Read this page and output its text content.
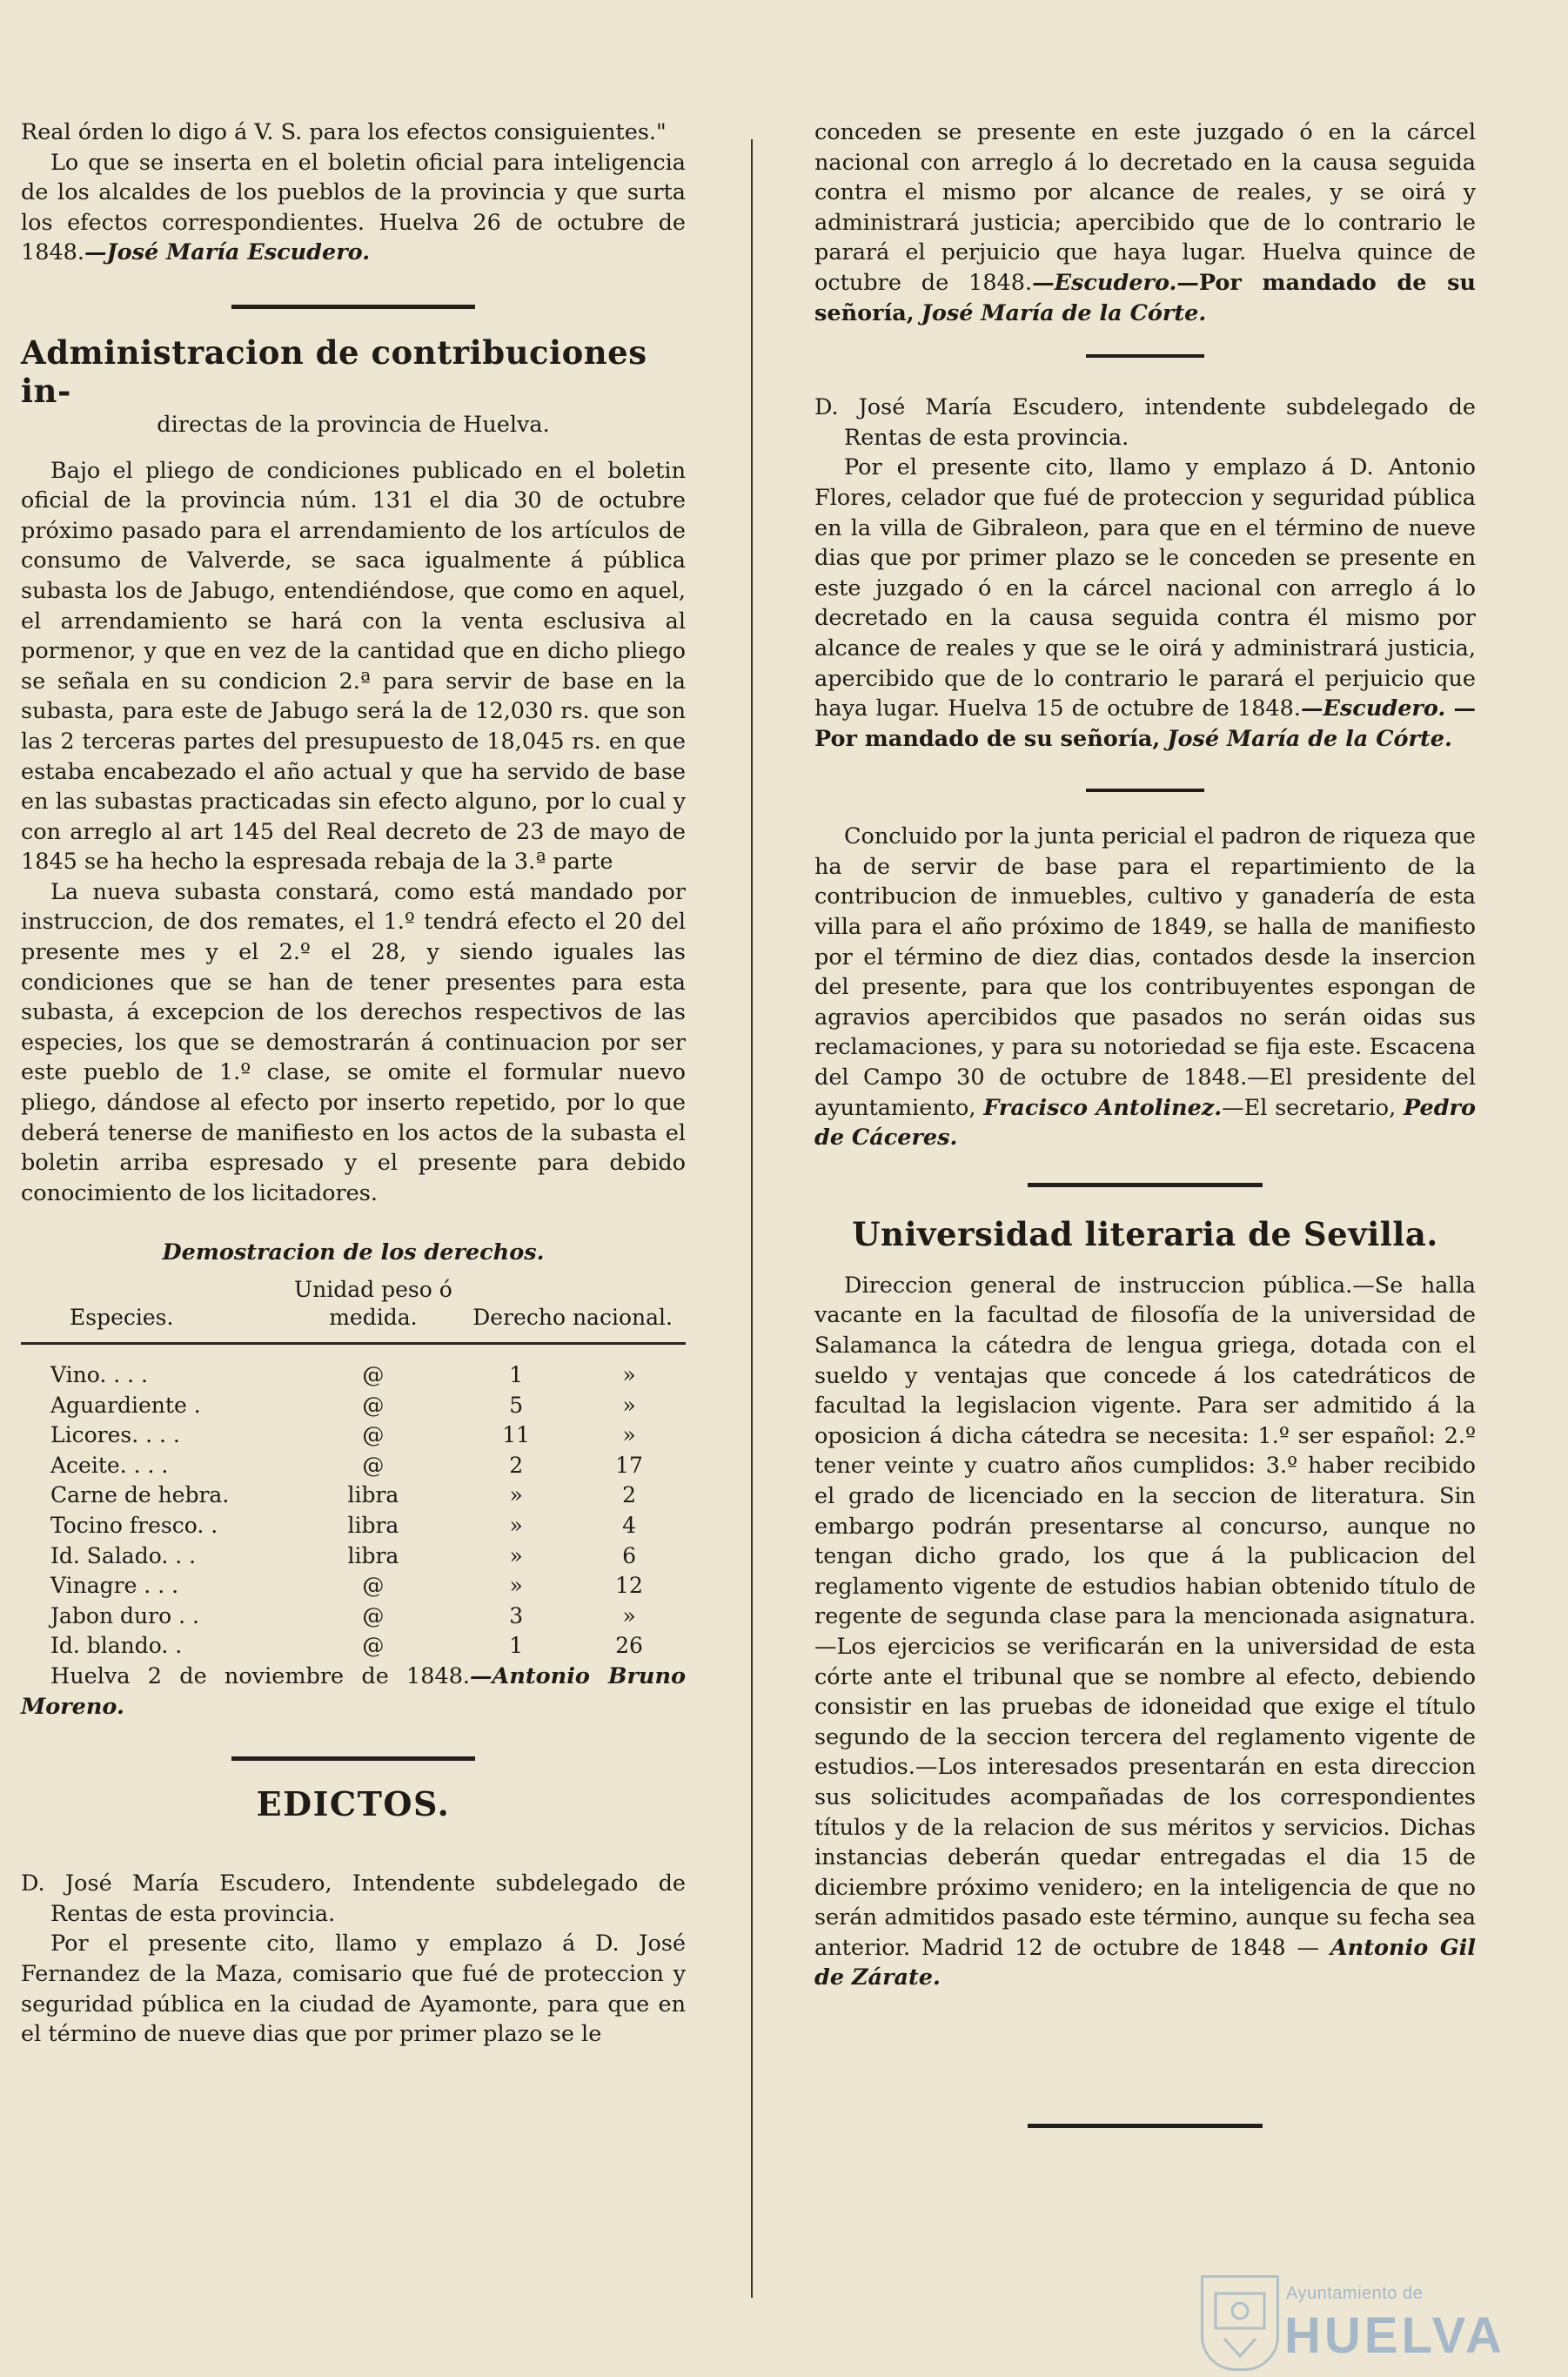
Real órden lo digo á V. S. para los efectos consiguientes."

Lo que se inserta en el boletin oficial para inteligencia de los alcaldes de los pueblos de la provincia y que surta los efectos correspondientes. Huelva 26 de octubre de 1848.—José María Escudero.

Administracion de contribuciones in-

directas de la provincia de Huelva.

Bajo el pliego de condiciones publicado en el boletin oficial de la provincia núm. 131 el dia 30 de octubre próximo pasado para el arrendamiento de los artículos de consumo de Valverde, se saca igualmente á pública subasta los de Jabugo, entendiéndose, que como en aquel, el arrendamiento se hará con la venta esclusiva al pormenor, y que en vez de la cantidad que en dicho pliego se señala en su condicion 2.ª para servir de base en la subasta, para este de Jabugo será la de 12,030 rs. que son las 2 terceras partes del presupuesto de 18,045 rs. en que estaba encabezado el año actual y que ha servido de base en las subastas practicadas sin efecto alguno, por lo cual y con arreglo al art 145 del Real decreto de 23 de mayo de 1845 se ha hecho la espresada rebaja de la 3.ª parte

La nueva subasta constará, como está mandado por instruccion, de dos remates, el 1.º tendrá efecto el 20 del presente mes y el 2.º el 28, y siendo iguales las condiciones que se han de tener presentes para esta subasta, á excepcion de los derechos respectivos de las especies, los que se demostrarán á continuacion por ser este pueblo de 1.º clase, se omite el formular nuevo pliego, dándose al efecto por inserto repetido, por lo que deberá tenerse de manifiesto en los actos de la subasta el boletin arriba espresado y el presente para debido conocimiento de los licitadores.

Demostracion de los derechos.

Especies.	Unidad peso ó medida.	Derecho nacional.	

Vino. . . .	@	1	»
Aguardiente .	@	5	»
Licores. . . .	@	11	»
Aceite. . . .	@	2	17
Carne de hebra.	libra	»	2
Tocino fresco. .	libra	»	4
Id. Salado. . .	libra	»	6
Vinagre . . .	@	»	12
Jabon duro . .	@	3	»
Id. blando. .	@	1	26

Huelva 2 de noviembre de 1848.—Antonio Bruno Moreno.

EDICTOS.

D. José María Escudero, Intendente subdelegado de Rentas de esta provincia.

Por el presente cito, llamo y emplazo á D. José Fernandez de la Maza, comisario que fué de proteccion y seguridad pública en la ciudad de Ayamonte, para que en el término de nueve dias que por primer plazo se le

conceden se presente en este juzgado ó en la cárcel nacional con arreglo á lo decretado en la causa seguida contra el mismo por alcance de reales, y se oirá y administrará justicia; apercibido que de lo contrario le parará el perjuicio que haya lugar. Huelva quince de octubre de 1848.—Escudero.—Por mandado de su señoría, José María de la Córte.

D. José María Escudero, intendente subdelegado de Rentas de esta provincia.

Por el presente cito, llamo y emplazo á D. Antonio Flores, celador que fué de proteccion y seguridad pública en la villa de Gibraleon, para que en el término de nueve dias que por primer plazo se le conceden se presente en este juzgado ó en la cárcel nacional con arreglo á lo decretado en la causa seguida contra él mismo por alcance de reales y que se le oirá y administrará justicia, apercibido que de lo contrario le parará el perjuicio que haya lugar. Huelva 15 de octubre de 1848.—Escudero. —Por mandado de su señoría, José María de la Córte.

Concluido por la junta pericial el padron de riqueza que ha de servir de base para el repartimiento de la contribucion de inmuebles, cultivo y ganadería de esta villa para el año próximo de 1849, se halla de manifiesto por el término de diez dias, contados desde la insercion del presente, para que los contribuyentes espongan de agravios apercibidos que pasados no serán oidas sus reclamaciones, y para su notoriedad se fija este. Escacena del Campo 30 de octubre de 1848.—El presidente del ayuntamiento, Fracisco Antolinez.—El secretario, Pedro de Cáceres.

Universidad literaria de Sevilla.

Direccion general de instruccion pública.—Se halla vacante en la facultad de filosofía de la universidad de Salamanca la cátedra de lengua griega, dotada con el sueldo y ventajas que concede á los catedráticos de facultad la legislacion vigente. Para ser admitido á la oposicion á dicha cátedra se necesita: 1.º ser español: 2.º tener veinte y cuatro años cumplidos: 3.º haber recibido el grado de licenciado en la seccion de literatura. Sin embargo podrán presentarse al concurso, aunque no tengan dicho grado, los que á la publicacion del reglamento vigente de estudios habian obtenido título de regente de segunda clase para la mencionada asignatura.—Los ejercicios se verificarán en la universidad de esta córte ante el tribunal que se nombre al efecto, debiendo consistir en las pruebas de idoneidad que exige el título segundo de la seccion tercera del reglamento vigente de estudios.—Los interesados presentarán en esta direccion sus solicitudes acompañadas de los correspondientes títulos y de la relacion de sus méritos y servicios. Dichas instancias deberán quedar entregadas el dia 15 de diciembre próximo venidero; en la inteligencia de que no serán admitidos pasado este término, aunque su fecha sea anterior. Madrid 12 de octubre de 1848 — Antonio Gil de Zárate.

Ayuntamiento de
HUELVA
